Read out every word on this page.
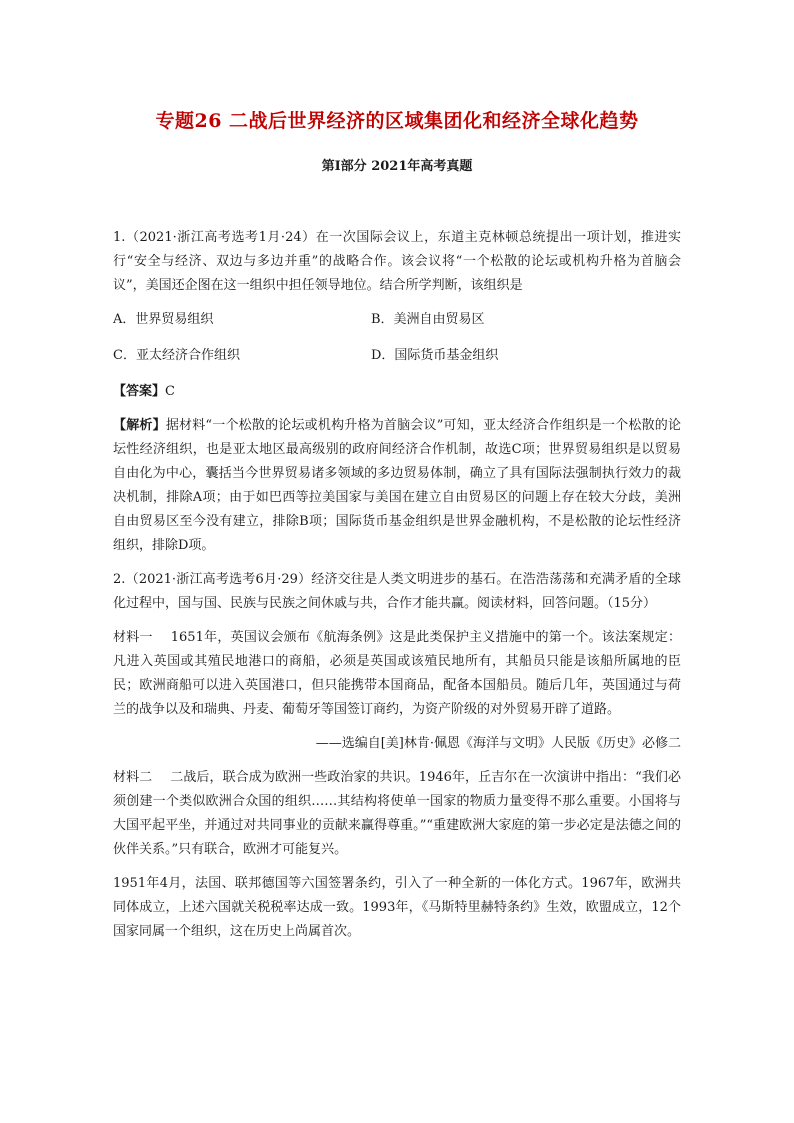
专题26 二战后世界经济的区域集团化和经济全球化趋势
第Ⅰ部分 2021年高考真题

1.（2021·浙江高考选考1月·24）在一次国际会议上，东道主克林顿总统提出一项计划，推进实行“安全与经济、双边与多边并重”的战略合作。该会议将“一个松散的论坛或机构升格为首脑会议”，美国还企图在这一组织中担任领导地位。结合所学判断，该组织是

A．世界贸易组织	B．美洲自由贸易区
C．亚太经济合作组织	D．国际货币基金组织

【答案】C

【解析】据材料“一个松散的论坛或机构升格为首脑会议”可知，亚太经济合作组织是一个松散的论坛性经济组织，也是亚太地区最高级别的政府间经济合作机制，故选C项；世界贸易组织是以贸易自由化为中心，囊括当今世界贸易诸多领域的多边贸易体制，确立了具有国际法强制执行效力的裁决机制，排除A项；由于如巴西等拉美国家与美国在建立自由贸易区的问题上存在较大分歧，美洲自由贸易区至今没有建立，排除B项；国际货币基金组织是世界金融机构，不是松散的论坛性经济组织，排除D项。

2.（2021·浙江高考选考6月·29）经济交往是人类文明进步的基石。在浩浩荡荡和充满矛盾的全球化过程中，国与国、民族与民族之间休戚与共，合作才能共赢。阅读材料，回答问题。（15分）

材料一 1651年，英国议会颁布《航海条例》这是此类保护主义措施中的第一个。该法案规定：凡进入英国或其殖民地港口的商船，必须是英国或该殖民地所有，其船员只能是该船所属地的臣民；欧洲商船可以进入英国港口，但只能携带本国商品，配备本国船员。随后几年，英国通过与荷兰的战争以及和瑞典、丹麦、葡萄牙等国签订商约，为资产阶级的对外贸易开辟了道路。

——选编自[美]林肯·佩恩《海洋与文明》人民版《历史》必修二

材料二 二战后，联合成为欧洲一些政治家的共识。1946年，丘吉尔在一次演讲中指出：“我们必须创建一个类似欧洲合众国的组织……其结构将使单一国家的物质力量变得不那么重要。小国将与大国平起平坐，并通过对共同事业的贡献来赢得尊重。”“重建欧洲大家庭的第一步必定是法德之间的伙伴关系。”只有联合，欧洲才可能复兴。

1951年4月，法国、联邦德国等六国签署条约，引入了一种全新的一体化方式。1967年，欧洲共同体成立，上述六国就关税税率达成一致。1993年，《马斯特里赫特条约》生效，欧盟成立，12个国家同属一个组织，这在历史上尚属首次。
